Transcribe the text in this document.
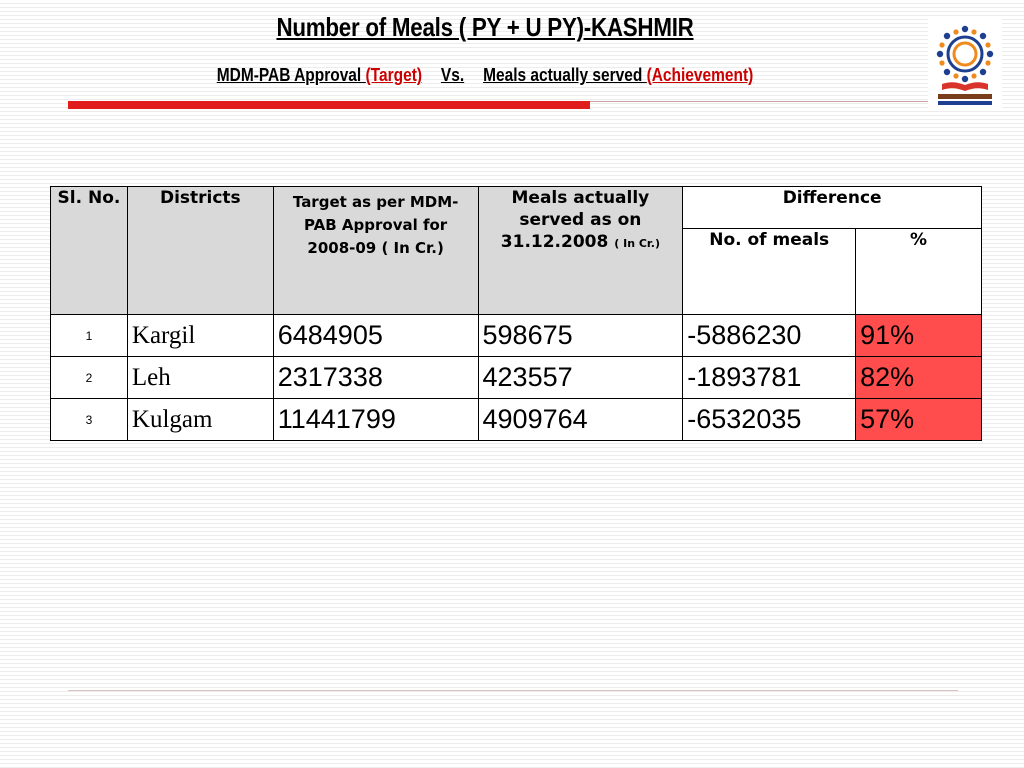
Number of Meals ( PY + U PY)-KASHMIR
MDM-PAB Approval (Target) Vs. Meals actually served (Achievement)
Sl. No.	Districts	Target as per MDM-PAB Approval for 2008-09 ( In Cr.)	Meals actually served as on 31.12.2008 ( In Cr.)	Difference	
				No. of meals	%
1	Kargil	6484905	598675	-5886230	91%
2	Leh	2317338	423557	-1893781	82%
3	Kulgam	11441799	4909764	-6532035	57%
